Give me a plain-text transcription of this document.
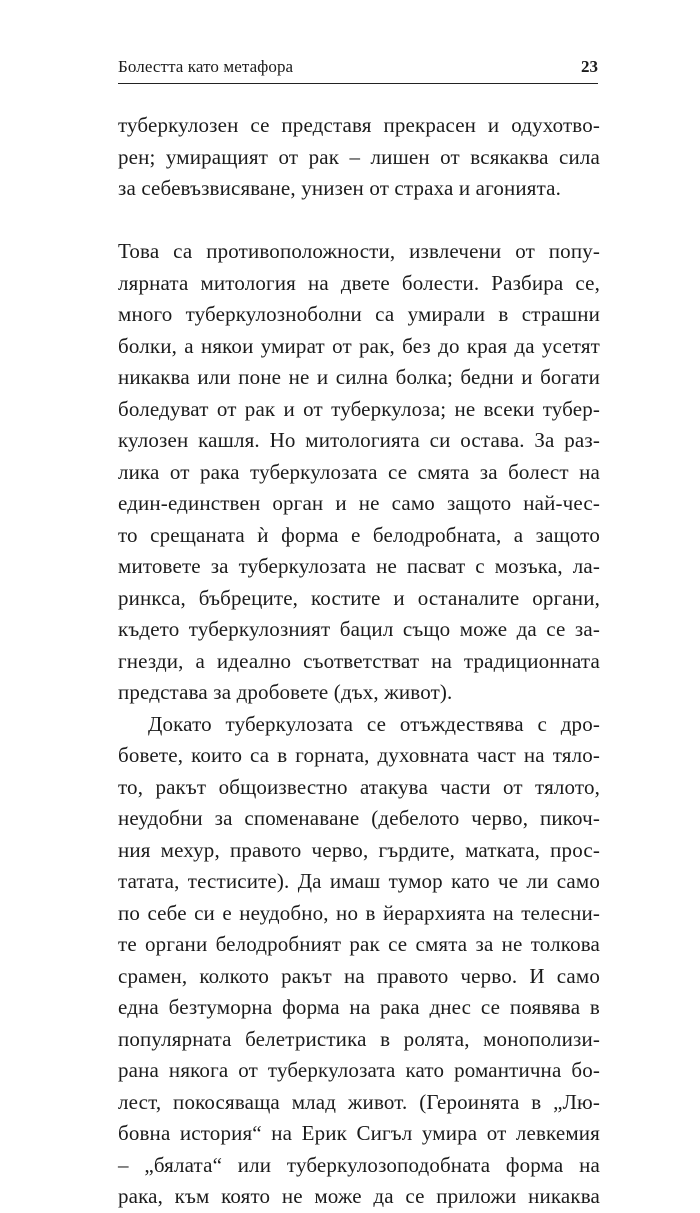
Болестта като метафора	23
туберкулозен се представя прекрасен и одухотво-
рен; умиращият от рак – лишен от всякаква сила
за себевъзвисяване, унизен от страха и агонията.
Това са противоположности, извлечени от попу-
лярната митология на двете болести. Разбира се,
много туберкулозноболни са умирали в страшни
болки, а някои умират от рак, без до края да усетят
никаква или поне не и силна болка; бедни и богати
боледуват от рак и от туберкулоза; не всеки тубер-
кулозен кашля. Но митологията си остава. За раз-
лика от рака туберкулозата се смята за болест на
един-единствен орган и не само защото най-чес-
то срещаната ѝ форма е белодробната, а защото
митовете за туберкулозата не пасват с мозъка, ла-
ринкса, бъбреците, костите и останалите органи,
където туберкулозният бацил също може да се за-
гнезди, а идеално съответстват на традиционната
представа за дробовете (дъх, живот).
Докато туберкулозата се отъждествява с дро-
бовете, които са в горната, духовната част на тяло-
то, ракът общоизвестно атакува части от тялото,
неудобни за споменаване (дебелото черво, пикоч-
ния мехур, правото черво, гърдите, матката, прос-
татата, тестисите). Да имаш тумор като че ли само
по себе си е неудобно, но в йерархията на телесни-
те органи белодробният рак се смята за не толкова
срамен, колкото ракът на правото черво. И само
една безтуморна форма на рака днес се появява в
популярната белетристика в ролята, монополизи-
рана някога от туберкулозата като романтична бо-
лест, покосяваща млад живот. (Героинята в „Лю-
бовна история“ на Ерик Сигъл умира от левкемия
– „бялата“ или туберкулозоподобната форма на
рака, към която не може да се приложи никаква
